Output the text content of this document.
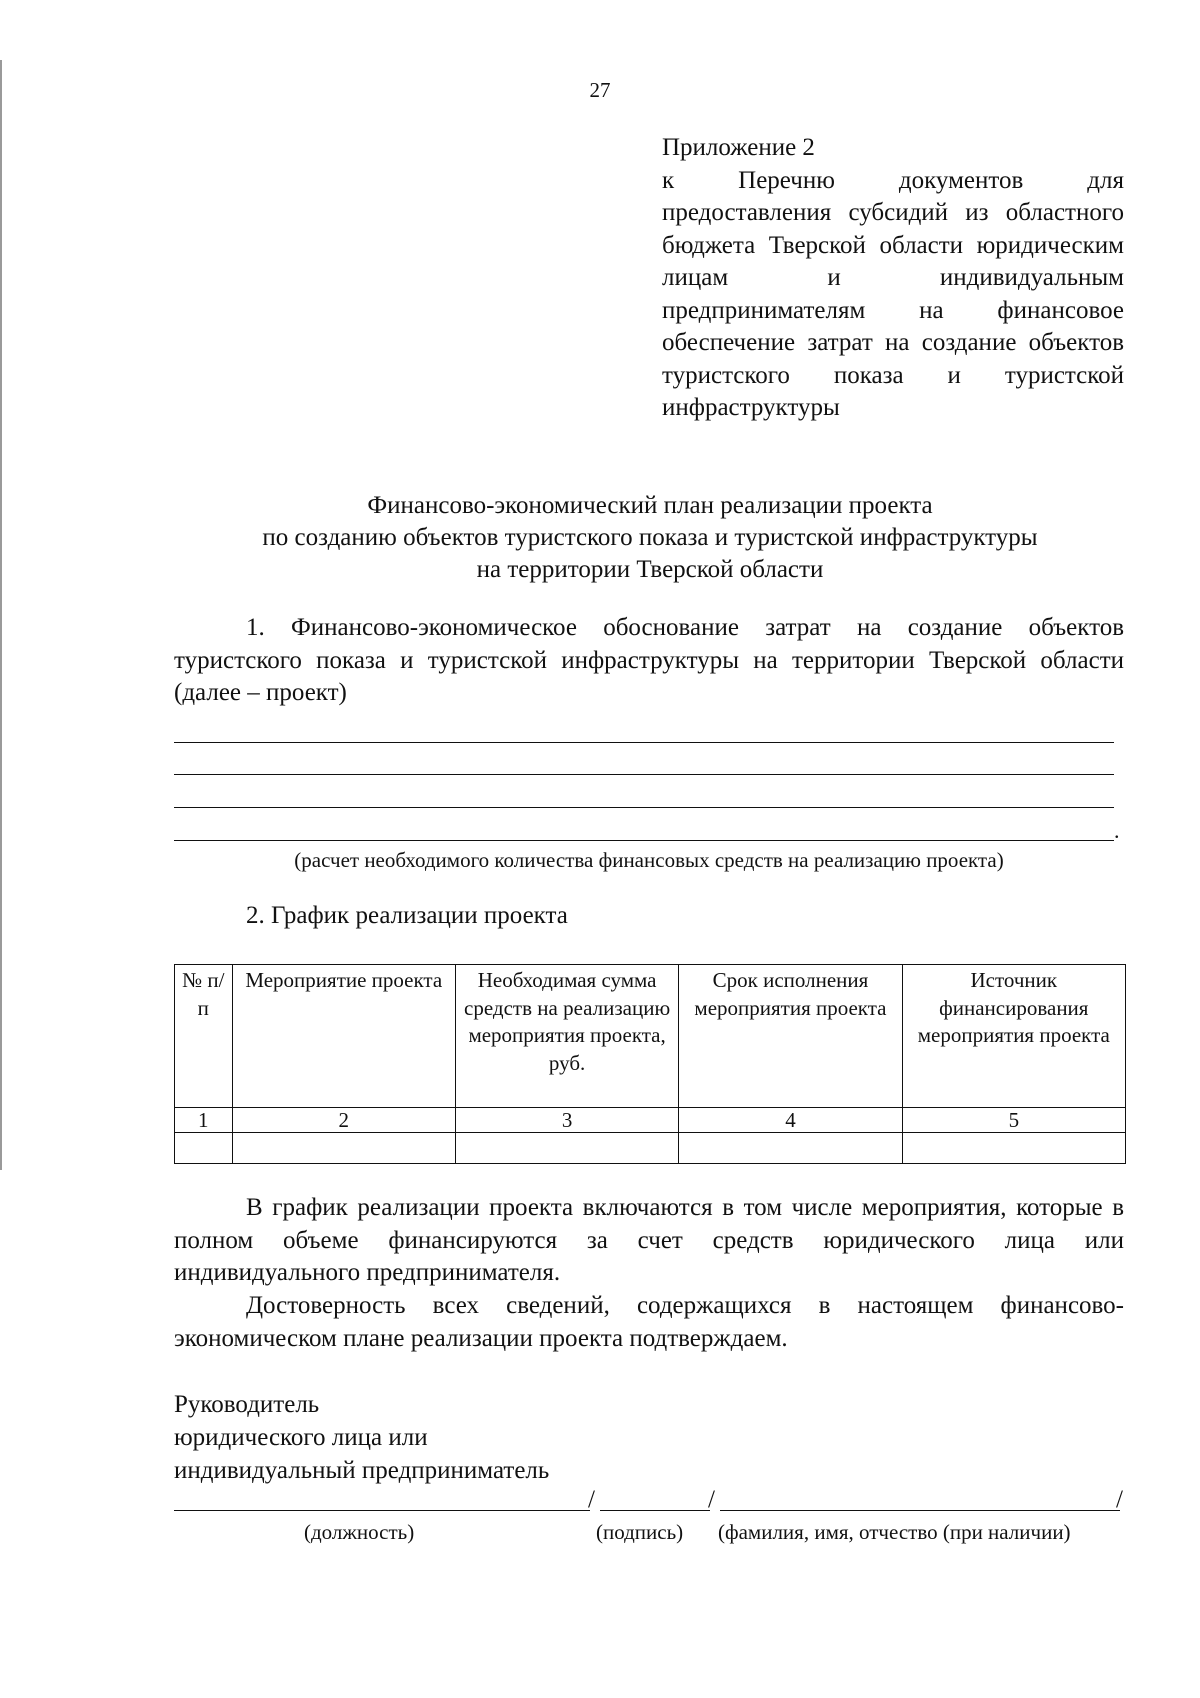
27
Приложение 2
к Перечню документов для предоставления субсидий из областного бюджета Тверской области юридическим лицам и индивидуальным предпринимателям на финансовое обеспечение затрат на создание объектов туристского показа и туристской инфраструктуры
Финансово-экономический план реализации проекта
по созданию объектов туристского показа и туристской инфраструктуры
на территории Тверской области
1. Финансово-экономическое обоснование затрат на создание объектов туристского показа и туристской инфраструктуры на территории Тверской области (далее – проект)
.
(расчет необходимого количества финансовых средств на реализацию проекта)
2. График реализации проекта
№ п/п	Мероприятие проекта	Необходимая сумма средств на реализацию мероприятия проекта, руб.	Срок исполнения мероприятия проекта	Источник финансирования мероприятия проекта
1	2	3	4	5

В график реализации проекта включаются в том числе мероприятия, которые в полном объеме финансируются за счет средств юридического лица или индивидуального предпринимателя.
Достоверность всех сведений, содержащихся в настоящем финансово-экономическом плане реализации проекта подтверждаем.
Руководитель
юридического лица или
индивидуальный предприниматель
/	/	/
(должность)	(подпись) (фамилия, имя, отчество (при наличии)
